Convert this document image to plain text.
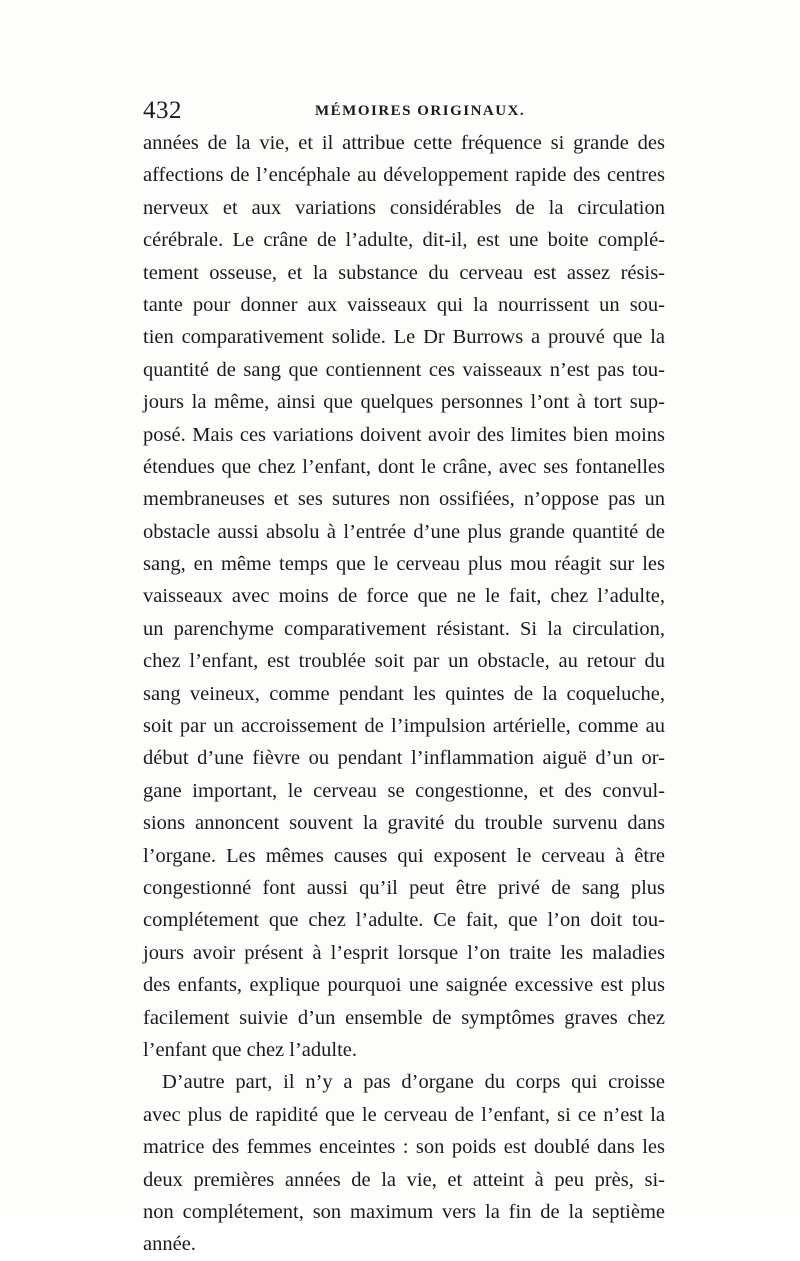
432	MÉMOIRES ORIGINAUX.
années de la vie, et il attribue cette fréquence si grande des
affections de l’encéphale au développement rapide des centres
nerveux et aux variations considérables de la circulation
cérébrale. Le crâne de l’adulte, dit-il, est une boite complé-
tement osseuse, et la substance du cerveau est assez résis-
tante pour donner aux vaisseaux qui la nourrissent un sou-
tien comparativement solide. Le Dr Burrows a prouvé que la
quantité de sang que contiennent ces vaisseaux n’est pas tou-
jours la même, ainsi que quelques personnes l’ont à tort sup-
posé. Mais ces variations doivent avoir des limites bien moins
étendues que chez l’enfant, dont le crâne, avec ses fontanelles
membraneuses et ses sutures non ossifiées, n’oppose pas un
obstacle aussi absolu à l’entrée d’une plus grande quantité de
sang, en même temps que le cerveau plus mou réagit sur les
vaisseaux avec moins de force que ne le fait, chez l’adulte,
un parenchyme comparativement résistant. Si la circulation,
chez l’enfant, est troublée soit par un obstacle, au retour du
sang veineux, comme pendant les quintes de la coqueluche,
soit par un accroissement de l’impulsion artérielle, comme au
début d’une fièvre ou pendant l’inflammation aiguë d’un or-
gane important, le cerveau se congestionne, et des convul-
sions annoncent souvent la gravité du trouble survenu dans
l’organe. Les mêmes causes qui exposent le cerveau à être
congestionné font aussi qu’il peut être privé de sang plus
complétement que chez l’adulte. Ce fait, que l’on doit tou-
jours avoir présent à l’esprit lorsque l’on traite les maladies
des enfants, explique pourquoi une saignée excessive est plus
facilement suivie d’un ensemble de symptômes graves chez
l’enfant que chez l’adulte.
D’autre part, il n’y a pas d’organe du corps qui croisse
avec plus de rapidité que le cerveau de l’enfant, si ce n’est la
matrice des femmes enceintes : son poids est doublé dans les
deux premières années de la vie, et atteint à peu près, si-
non complétement, son maximum vers la fin de la septième
année.
